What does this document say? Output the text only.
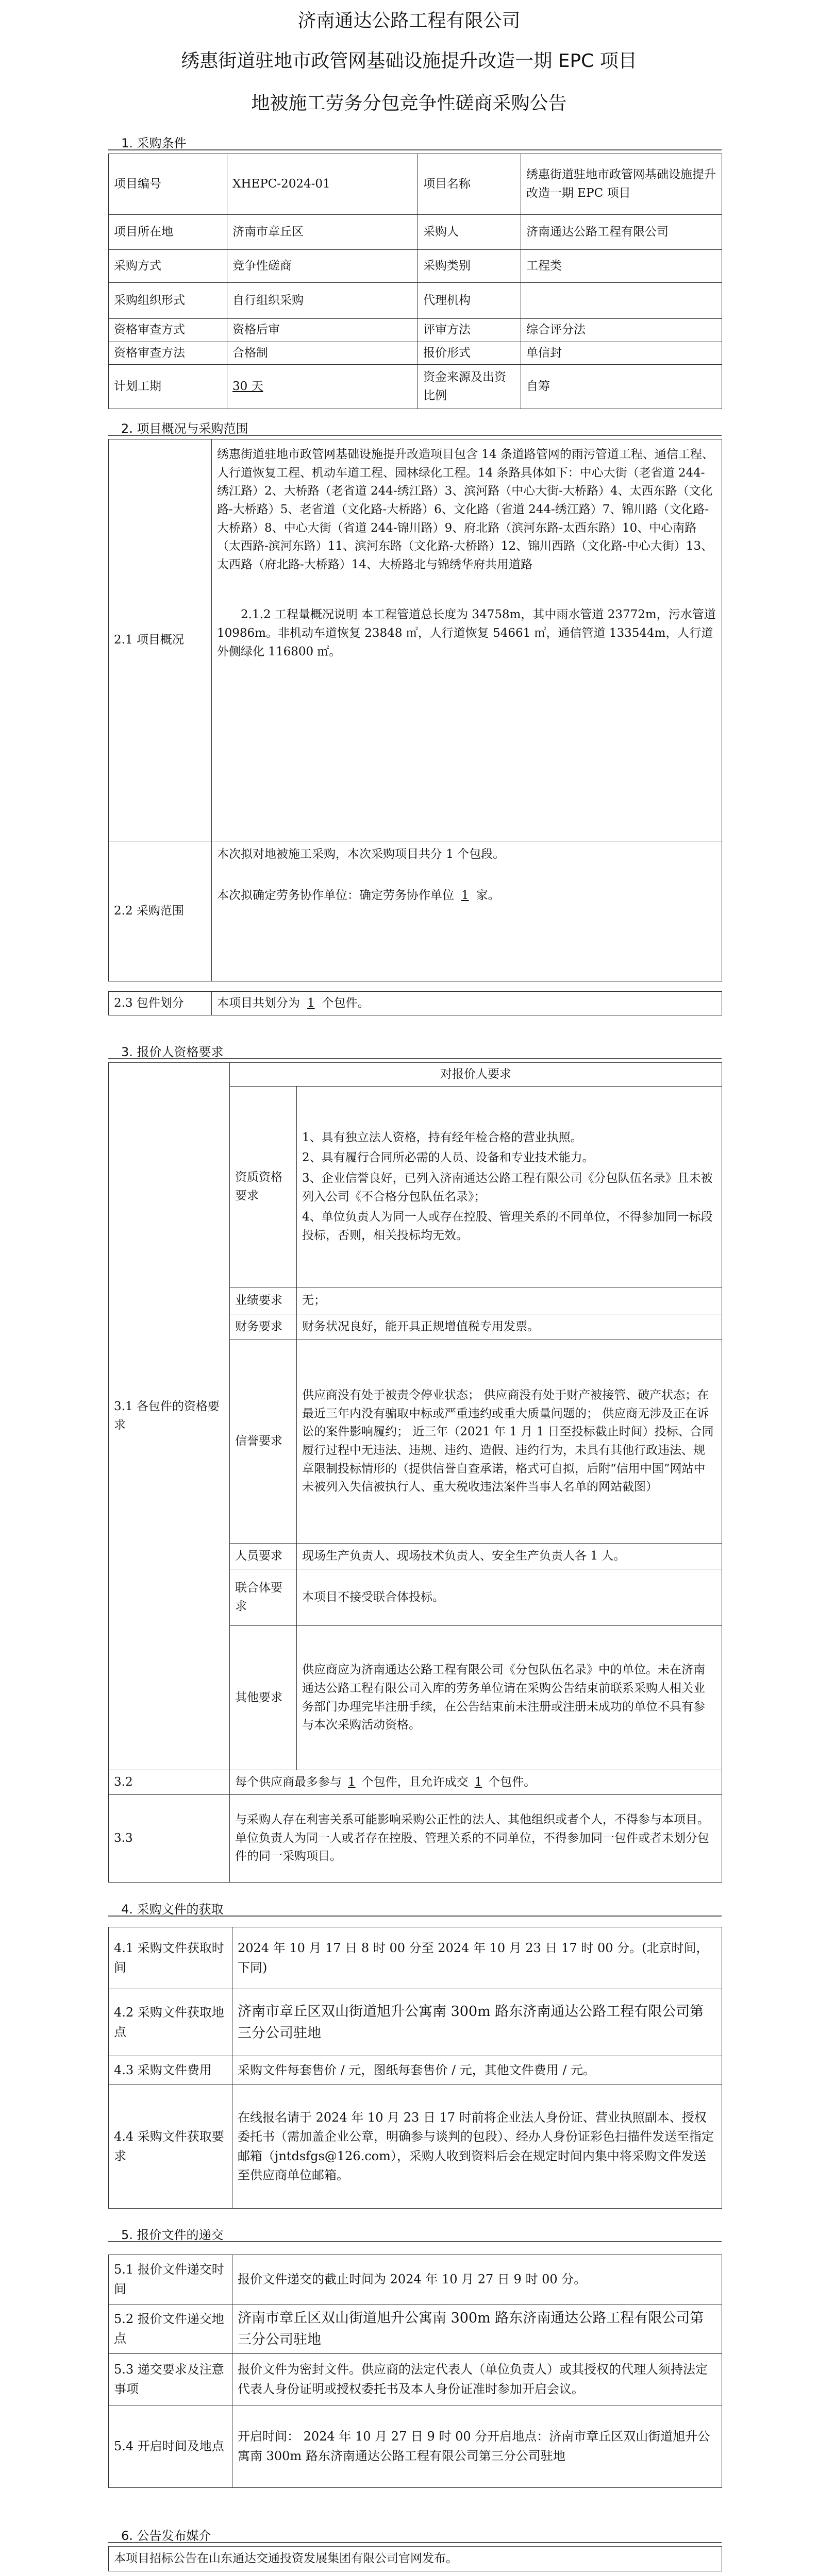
济南通达公路工程有限公司
绣惠街道驻地市政管网基础设施提升改造一期 EPC 项目
地被施工劳务分包竞争性磋商采购公告
1. 采购条件
项目编号	XHEPC-2024-01	项目名称	绣惠街道驻地市政管网基础设施提升改造一期 EPC 项目
项目所在地	济南市章丘区	采购人	济南通达公路工程有限公司
采购方式	竞争性磋商	采购类别	工程类
采购组织形式	自行组织采购	代理机构	
资格审查方式	资格后审	评审方法	综合评分法
资格审查方法	合格制	报价形式	单信封
计划工期	30 天	资金来源及出资比例	自筹
2. 项目概况与采购范围
2.1 项目概况	绣惠街道驻地市政管网基础设施提升改造项目包含 14 条道路管网的雨污管道工程、通信工程、人行道恢复工程、机动车道工程、园林绿化工程。14 条路具体如下：中心大街（老省道 244-绣江路）2、大桥路（老省道 244-绣江路）3、滨河路（中心大街-大桥路）4、太西东路（文化路-大桥路）5、老省道（文化路-大桥路）6、文化路（省道 244-绣江路）7、锦川路（文化路-大桥路）8、中心大街（省道 244-锦川路）9、府北路（滨河东路-太西东路）10、中心南路（太西路-滨河东路）11、滨河东路（文化路-大桥路）12、锦川西路（文化路-中心大街）13、太西路（府北路-大桥路）14、大桥路北与锦绣华府共用道路

2.1.2 工程量概况说明 本工程管道总长度为 34758m，其中雨水管道 23772m，污水管道 10986m。非机动车道恢复 23848 ㎡，人行道恢复 54661 ㎡，通信管道 133544m，人行道外侧绿化 116800 ㎡。

2.2 采购范围	本次拟对地被施工采购，本次采购项目共分 1 个包段。

本次拟确定劳务协作单位：确定劳务协作单位 1 家。

2.3 包件划分	本项目共划分为 1 个包件。
3. 报价人资格要求
3.1 各包件的资格要求	对报价人要求	
	资质资格要求	1、具有独立法人资格，持有经年检合格的营业执照。

2、具有履行合同所必需的人员、设备和专业技术能力。

3、企业信誉良好，已列入济南通达公路工程有限公司《分包队伍名录》且未被列入公司《不合格分包队伍名录》；

4、单位负责人为同一人或存在控股、管理关系的不同单位，不得参加同一标段投标，否则，相关投标均无效。

	业绩要求	无；
	财务要求	财务状况良好，能开具正规增值税专用发票。
	信誉要求	供应商没有处于被责令停业状态； 供应商没有处于财产被接管、破产状态；在最近三年内没有骗取中标或严重违约或重大质量问题的； 供应商无涉及正在诉讼的案件影响履约； 近三年（2021 年 1 月 1 日至投标截止时间）投标、合同履行过程中无违法、违规、违约、造假、违约行为，未具有其他行政违法、规章限制投标情形的（提供信誉自查承诺，格式可自拟，后附“信用中国”网站中未被列入失信被执行人、重大税收违法案件当事人名单的网站截图）
	人员要求	现场生产负责人、现场技术负责人、安全生产负责人各 1 人。
	联合体要求	本项目不接受联合体投标。
	其他要求	供应商应为济南通达公路工程有限公司《分包队伍名录》中的单位。未在济南通达公路工程有限公司入库的劳务单位请在采购公告结束前联系采购人相关业务部门办理完毕注册手续，在公告结束前未注册或注册未成功的单位不具有参与本次采购活动资格。
3.2	每个供应商最多参与 1 个包件，且允许成交 1 个包件。	
3.3	与采购人存在利害关系可能影响采购公正性的法人、其他组织或者个人，不得参与本项目。单位负责人为同一人或者存在控股、管理关系的不同单位，不得参加同一包件或者未划分包件的同一采购项目。	
4. 采购文件的获取
4.1 采购文件获取时间	2024 年 10 月 17 日 8 时 00 分至 2024 年 10 月 23 日 17 时 00 分。(北京时间，下同)
4.2 采购文件获取地点	济南市章丘区双山街道旭升公寓南 300m 路东济南通达公路工程有限公司第三分公司驻地
4.3 采购文件费用	采购文件每套售价 / 元，图纸每套售价 / 元，其他文件费用 / 元。
4.4 采购文件获取要求	在线报名请于 2024 年 10 月 23 日 17 时前将企业法人身份证、营业执照副本、授权委托书（需加盖企业公章，明确参与谈判的包段）、经办人身份证彩色扫描件发送至指定邮箱（jntdsfgs@126.com），采购人收到资料后会在规定时间内集中将采购文件发送至供应商单位邮箱。
5. 报价文件的递交
5.1 报价文件递交时间	报价文件递交的截止时间为 2024 年 10 月 27 日 9 时 00 分。
5.2 报价文件递交地点	济南市章丘区双山街道旭升公寓南 300m 路东济南通达公路工程有限公司第三分公司驻地
5.3 递交要求及注意事项	报价文件为密封文件。供应商的法定代表人（单位负责人）或其授权的代理人须持法定代表人身份证明或授权委托书及本人身份证准时参加开启会议。
5.4 开启时间及地点	开启时间： 2024 年 10 月 27 日 9 时 00 分开启地点：济南市章丘区双山街道旭升公寓南 300m 路东济南通达公路工程有限公司第三分公司驻地
6. 公告发布媒介
本项目招标公告在山东通达交通投资发展集团有限公司官网发布。
